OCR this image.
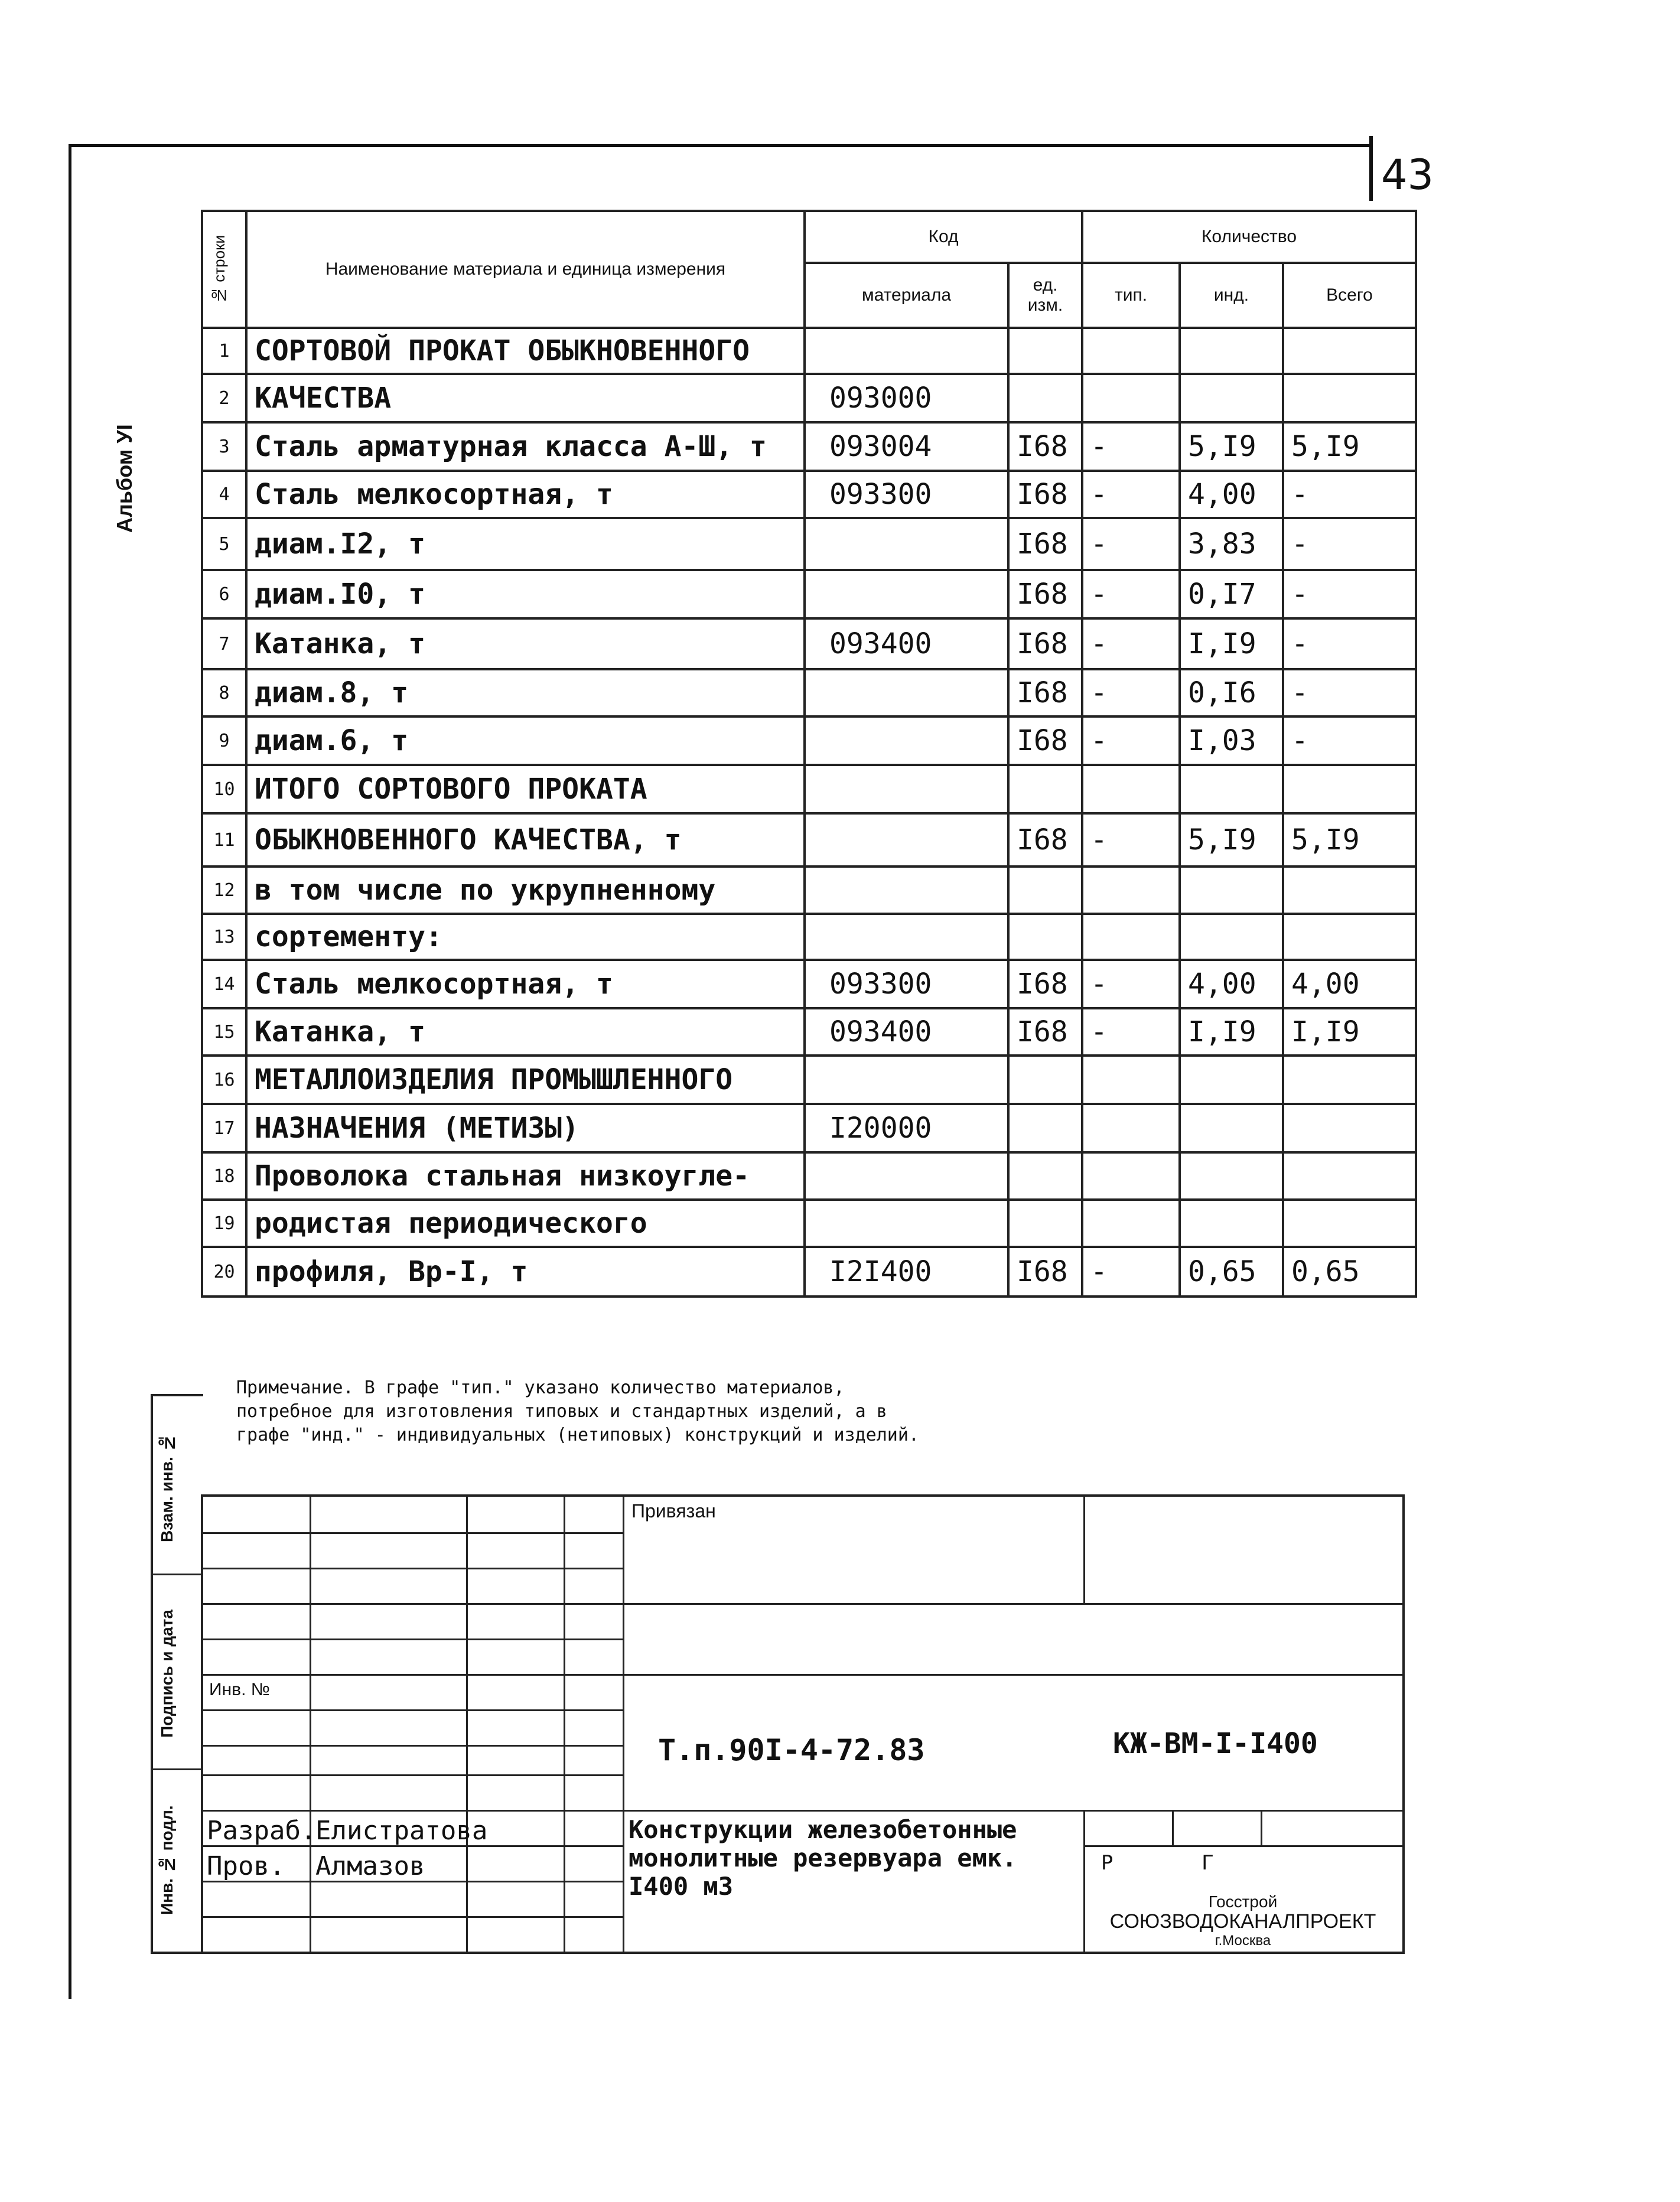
43
Альбом УI
№ строки	Наименование материала и единица измерения	Код		Количество		
		материала	ед. изм.	тип.	инд.	Всего
1	СОРТОВОЙ ПРОКАТ ОБЫКНОВЕННОГО					
2	КАЧЕСТВА	093000				
3	Сталь арматурная класса А-Ш, т	093004	I68	-	5,I9	5,I9
4	Сталь мелкосортная, т	093300	I68	-	4,00	-
5	диам.I2, т		I68	-	3,83	-
6	диам.I0, т		I68	-	0,I7	-
7	Катанка, т	093400	I68	-	I,I9	-
8	диам.8, т		I68	-	0,I6	-
9	диам.6, т		I68	-	I,03	-
10	ИТОГО СОРТОВОГО ПРОКАТА					
11	ОБЫКНОВЕННОГО КАЧЕСТВА, т		I68	-	5,I9	5,I9
12	в том числе по укрупненному					
13	сортементу:					
14	Сталь мелкосортная, т	093300	I68	-	4,00	4,00
15	Катанка, т	093400	I68	-	I,I9	I,I9
16	МЕТАЛЛОИЗДЕЛИЯ ПРОМЫШЛЕННОГО					
17	НАЗНАЧЕНИЯ (МЕТИЗЫ)	I20000				
18	Проволока стальная низкоугле-					
19	родистая периодического					
20	профиля, Вр-I, т	I2I400	I68	-	0,65	0,65
Примечание. В графе "тип." указано количество материалов, потребное для изготовления типовых и стандартных изделий, а в графе "инд." - индивидуальных (нетиповых) конструкций и изделий.
Взам. инв. №
Подпись и дата
Инв. № подл.
Привязан
Инв. №
Т.п.90I-4-72.83	КЖ-ВМ-I-I400
Разраб.
Елистратова
Пров. Алмазов
Конструкции железобетонные монолитные резервуара емк. I400 м3
Р	Г
Госстрой
СОЮЗВОДОКАНАЛПРОЕКТ
г.Москва
